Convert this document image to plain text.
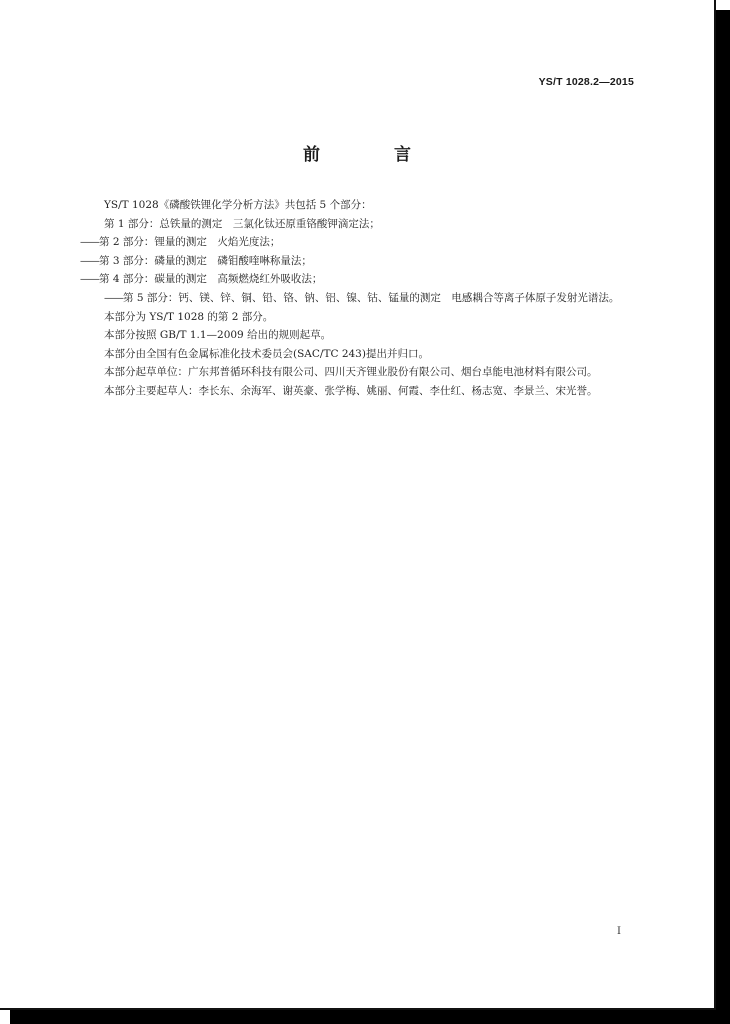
YS/T 1028.2—2015
前 言

YS/T 1028《磷酸铁锂化学分析方法》共包括 5 个部分：

第 1 部分：总铁量的测定　三氯化钛还原重铬酸钾滴定法；

——第 2 部分：锂量的测定　火焰光度法；

——第 3 部分：磷量的测定　磷钼酸喹啉称量法；

——第 4 部分：碳量的测定　高频燃烧红外吸收法；

——第 5 部分：钙、镁、锌、铜、铅、铬、钠、铝、镍、钴、锰量的测定　电感耦合等离子体原子发射光谱法。

本部分为 YS/T 1028 的第 2 部分。

本部分按照 GB/T 1.1—2009 给出的规则起草。

本部分由全国有色金属标准化技术委员会(SAC/TC 243)提出并归口。

本部分起草单位：广东邦普循环科技有限公司、四川天齐锂业股份有限公司、烟台卓能电池材料有限公司。

本部分主要起草人：李长东、余海军、谢英豪、张学梅、姚丽、何霞、李仕红、杨志宽、李景兰、宋光誉。

I
